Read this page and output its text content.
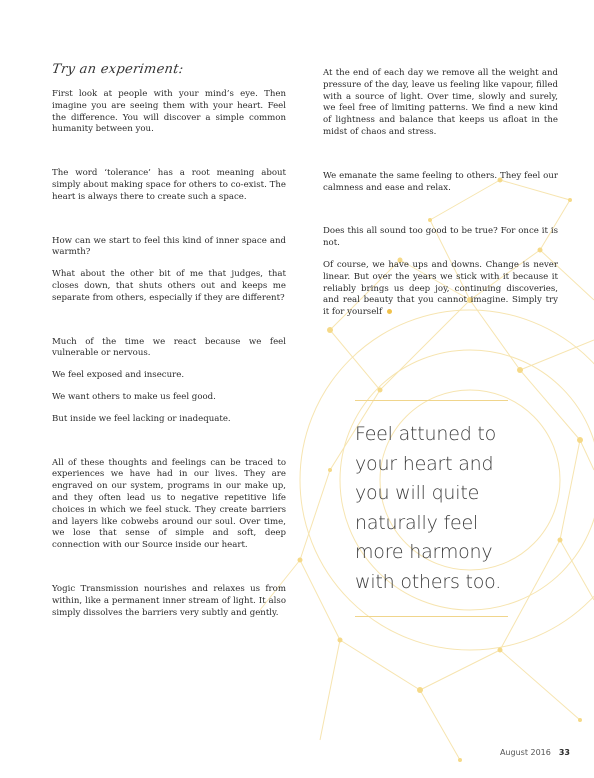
Try an experiment:

First look at people with your mind’s eye. Then imagine you are seeing them with your heart. Feel the difference. You will discover a simple common humanity between you.

The word ‘tolerance’ has a root meaning about simply about making space for others to co-exist. The heart is always there to create such a space.

How can we start to feel this kind of inner space and warmth?

What about the other bit of me that judges, that closes down, that shuts others out and keeps me separate from others, especially if they are different?

Much of the time we react because we feel vulnerable or nervous.

We feel exposed and insecure.

We want others to make us feel good.

But inside we feel lacking or inadequate.

All of these thoughts and feelings can be traced to experiences we have had in our lives. They are engraved on our system, programs in our make up, and they often lead us to negative repetitive life choices in which we feel stuck. They create barriers and layers like cobwebs around our soul. Over time, we lose that sense of simple and soft, deep connection with our Source inside our heart.

Yogic Transmission nourishes and relaxes us from within, like a permanent inner stream of light. It also simply dissolves the barriers very subtly and gently.

At the end of each day we remove all the weight and pressure of the day, leave us feeling like vapour, filled with a source of light. Over time, slowly and surely, we feel free of limiting patterns. We find a new kind of lightness and balance that keeps us afloat in the midst of chaos and stress.

We emanate the same feeling to others. They feel our calmness and ease and relax.

Does this all sound too good to be true? For once it is not.

Of course, we have ups and downs. Change is never linear. But over the years we stick with it because it reliably brings us deep joy, continuing discoveries, and real beauty that you cannot imagine. Simply try it for yourself

Feel attuned to
your heart and
you will quite
naturally feel
more harmony
with others too.
August 2016 33
